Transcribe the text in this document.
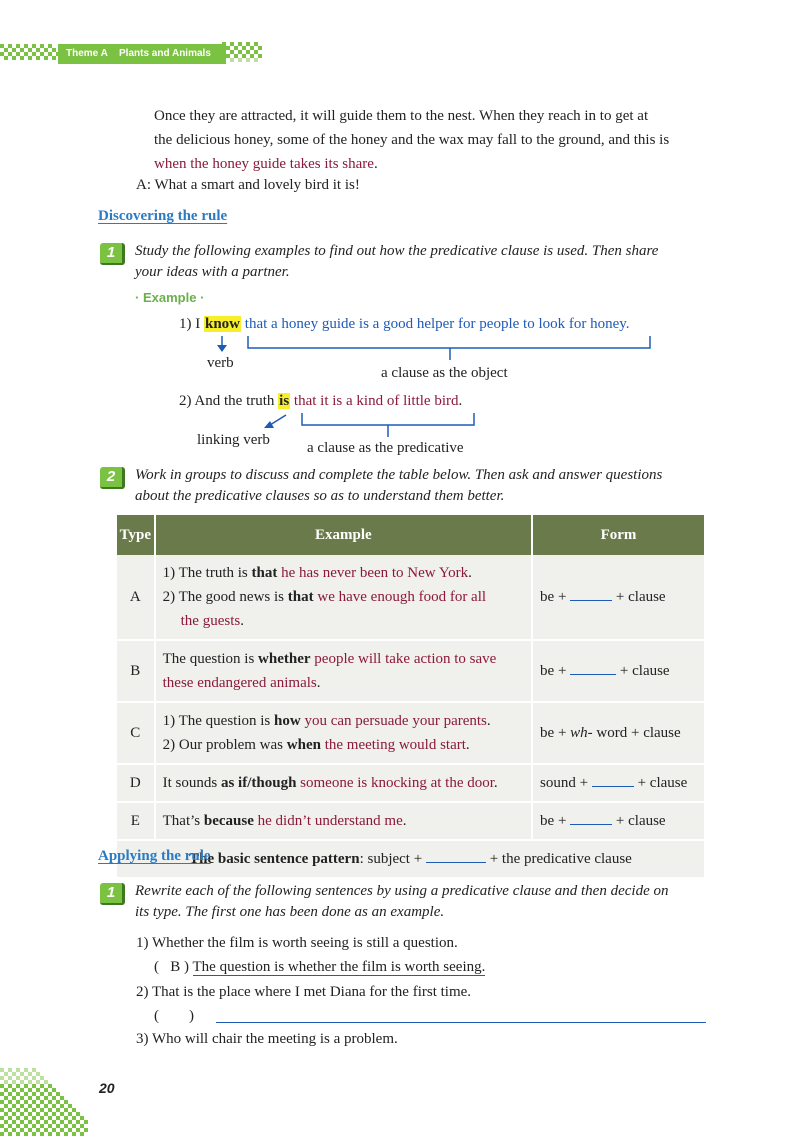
Theme A Plants and Animals
Once they are attracted, it will guide them to the nest. When they reach in to get at
the delicious honey, some of the honey and the wax may fall to the ground, and this is
when the honey guide takes its share.
A: What a smart and lovely bird it is!
Discovering the rule
1	Study the following examples to find out how the predicative clause is used. Then share
your ideas with a partner.
· Example ·
1) I know that a honey guide is a good helper for people to look for honey.
verb
a clause as the object
2) And the truth is that it is a kind of little bird.
linking verb a clause as the predicative
2	Work in groups to discuss and complete the table below. Then ask and answer questions
about the predicative clauses so as to understand them better.
Type	Example	Form
A	1) The truth is that he has never been to New York.
2) The good news is that we have enough food for all
the guests.	be + + clause
B	The question is whether people will take action to save
these endangered animals.	be + + clause
C	1) The question is how you can persuade your parents.
2) Our problem was when the meeting would start.	be + wh- word + clause
D	It sounds as if/though someone is knocking at the door.	sound + + clause
E	That’s because he didn’t understand me.	be + + clause
The basic sentence pattern: subject + + the predicative clause		
Applying the rule
1	Rewrite each of the following sentences by using a predicative clause and then decide on
its type. The first one has been done as an example.
1) Whether the film is worth seeing is still a question.
( B ) The question is whether the film is worth seeing.
2) That is the place where I met Diana for the first time.
(        )
3) Who will chair the meeting is a problem.
20
